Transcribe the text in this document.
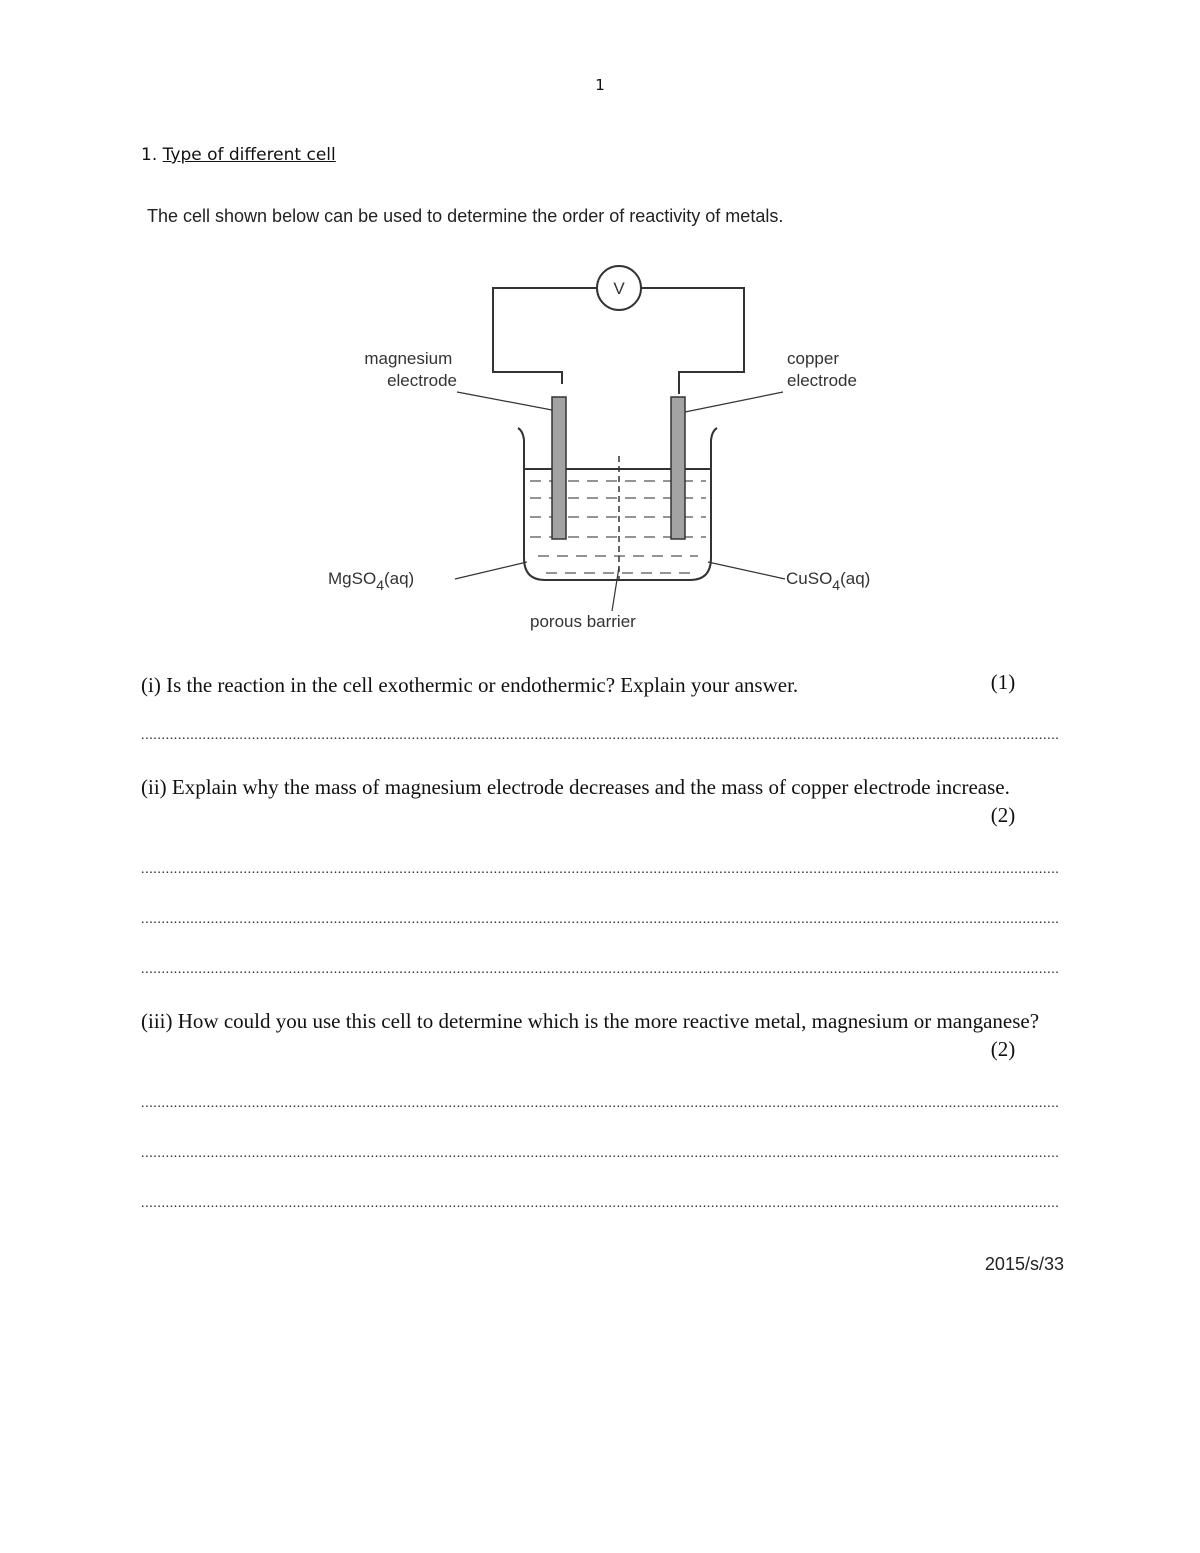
1
1. Type of different cell
The cell shown below can be used to determine the order of reactivity of metals.
V
magnesium electrode
copper electrode
MgSO$_4$(aq)	CuSO$_4$(aq)
porous barrier
(i) Is the reaction in the cell exothermic or endothermic? Explain your answer.	(1)
................................................................................................................................................................................................................................
(ii) Explain why the mass of magnesium electrode decreases and the mass of copper electrode increase.
(2)
................................................................................................................................................................................................................................
................................................................................................................................................................................................................................
................................................................................................................................................................................................................................
(iii) How could you use this cell to determine which is the more reactive metal, magnesium or manganese?
(2)
................................................................................................................................................................................................................................
................................................................................................................................................................................................................................
................................................................................................................................................................................................................................
2015/s/33
